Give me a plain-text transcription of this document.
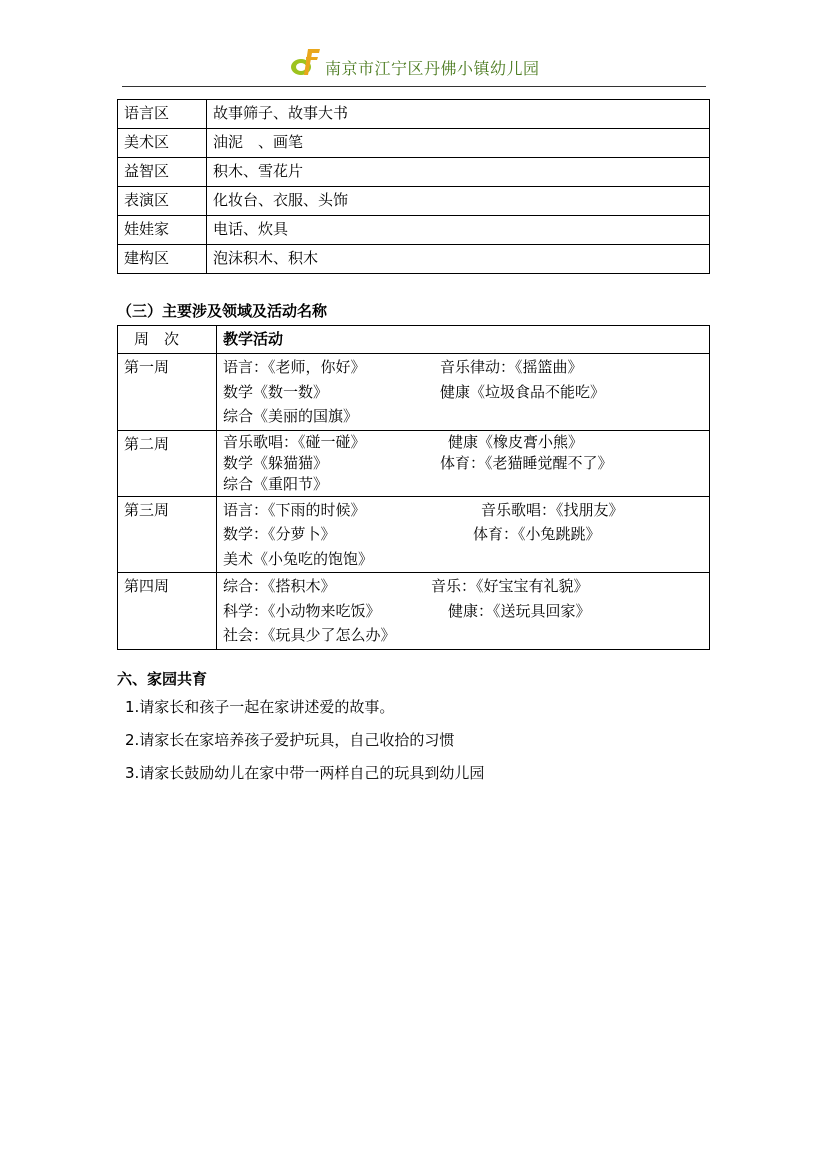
南京市江宁区丹佛小镇幼儿园
语言区	故事筛子、故事大书
美术区	油泥　、画笔
益智区	积木、雪花片
表演区	化妆台、衣服、头饰
娃娃家	电话、炊具
建构区	泡沫积木、积木
（三）主要涉及领域及活动名称
周　次	教学活动
第一周	语言：《老师，你好》 音乐律动：《摇篮曲》
数学《数一数》 健康《垃圾食品不能吃》
综合《美丽的国旗》

第二周	音乐歌唱：《碰一碰》 健康《橡皮膏小熊》
数学《躲猫猫》 体育：《老猫睡觉醒不了》
综合《重阳节》

第三周	语言：《下雨的时候》 音乐歌唱：《找朋友》
数学：《分萝卜》 体育：《小兔跳跳》
美术《小兔吃的饱饱》

第四周	综合：《搭积木》 音乐：《好宝宝有礼貌》
科学：《小动物来吃饭》 健康：《送玩具回家》
社会：《玩具少了怎么办》
六、家园共育
1.请家长和孩子一起在家讲述爱的故事。
2.请家长在家培养孩子爱护玩具，自己收拾的习惯
3.请家长鼓励幼儿在家中带一两样自己的玩具到幼儿园
